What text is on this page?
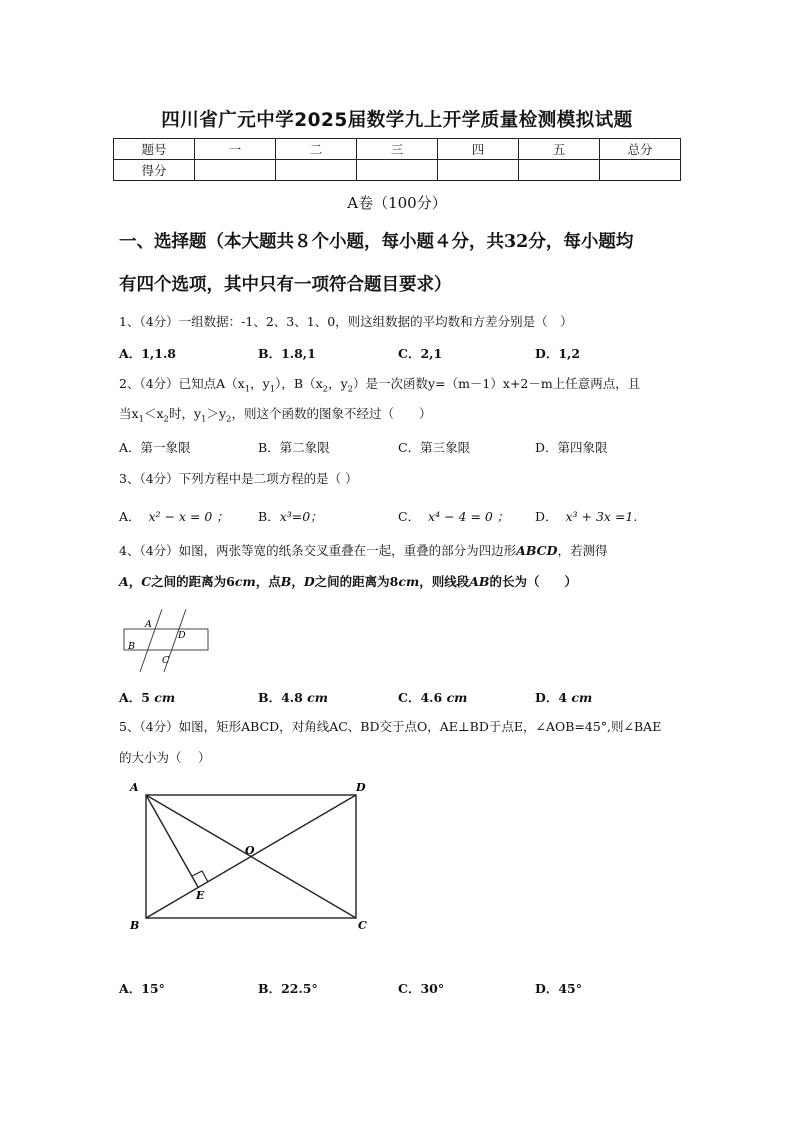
四川省广元中学2025届数学九上开学质量检测模拟试题
题号	一	二	三	四	五	总分
得分						
A卷（100分）
一、选择题（本大题共８个小题，每小题４分，共32分，每小题均
有四个选项，其中只有一项符合题目要求）
1、（4分）一组数据：-1、2、3、1、0，则这组数据的平均数和方差分别是（　）
A．1,1.8	B．1.8,1	C．2,1	D．1,2
2、（4分）已知点$A(x_1$，$y_1$），$B(x_2$，$y_2$）是一次函数y=（m－1）x+2－m上任意两点，且
当$x_1<x_2$时，$y_1>y_2$，则这个函数的图象不经过（　　）
A．第一象限	B．第二象限	C．第三象限	D．第四象限
3、（4分）下列方程中是二项方程的是（ ）
A． x² − x = 0 ； B．x³=0；	C． x⁴ − 4 = 0 ； D． x³ + 3x =1.
4、（4分）如图，两张等宽的纸条交叉重叠在一起，重叠的部分为四边形ABCD，若测得
A，C之间的距离为6cm，点B，D之间的距离为8cm，则线段AB的长为（　　）
A
D
B
C
A．5 cm	B．4.8 cm	C．4.6 cm	D．4 cm
5、（4分）如图，矩形ABCD，对角线AC、BD交于点O，AE⊥BD于点E，∠AOB=45°,则∠BAE
的大小为（　 ）
A	D
O
E
B	C
A．15°	B．22.5°	C．30°	D．45°
